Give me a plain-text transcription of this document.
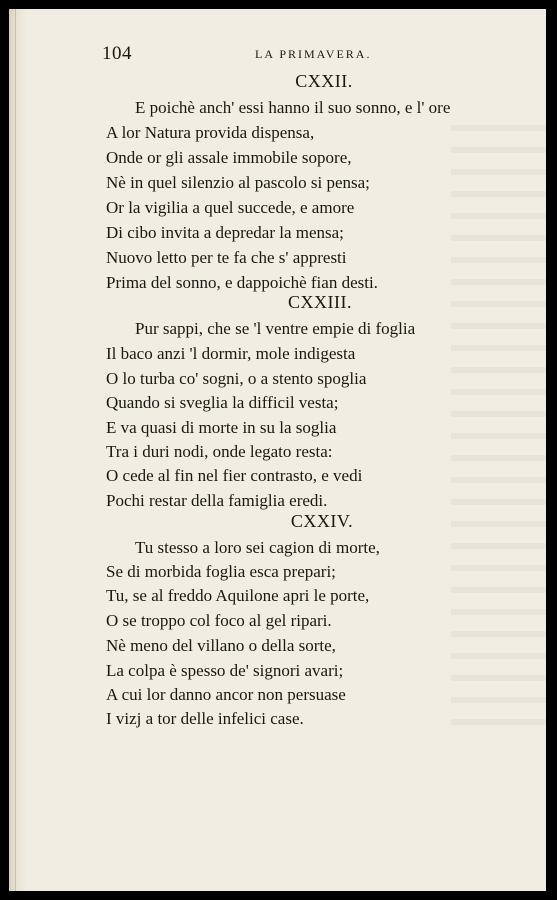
104	LA PRIMAVERA.
CXXII.
E poichè anch' essi hanno il suo sonno, e l' ore
A lor Natura provida dispensa,
Onde or gli assale immobile sopore,
Nè in quel silenzio al pascolo si pensa;
Or la vigilia a quel succede, e amore
Di cibo invita a depredar la mensa;
Nuovo letto per te fa che s' appresti
Prima del sonno, e dappoichè fian desti.
CXXIII.
Pur sappi, che se 'l ventre empie di foglia
Il baco anzi 'l dormir, mole indigesta
O lo turba co' sogni, o a stento spoglia
Quando si sveglia la difficil vesta;
E va quasi di morte in su la soglia
Tra i duri nodi, onde legato resta:
O cede al fin nel fier contrasto, e vedi
Pochi restar della famiglia eredi.
CXXIV.
Tu stesso a loro sei cagion di morte,
Se di morbida foglia esca prepari;
Tu, se al freddo Aquilone apri le porte,
O se troppo col foco al gel ripari.
Nè meno del villano o della sorte,
La colpa è spesso de' signori avari;
A cui lor danno ancor non persuase
I vizj a tor delle infelici case.
